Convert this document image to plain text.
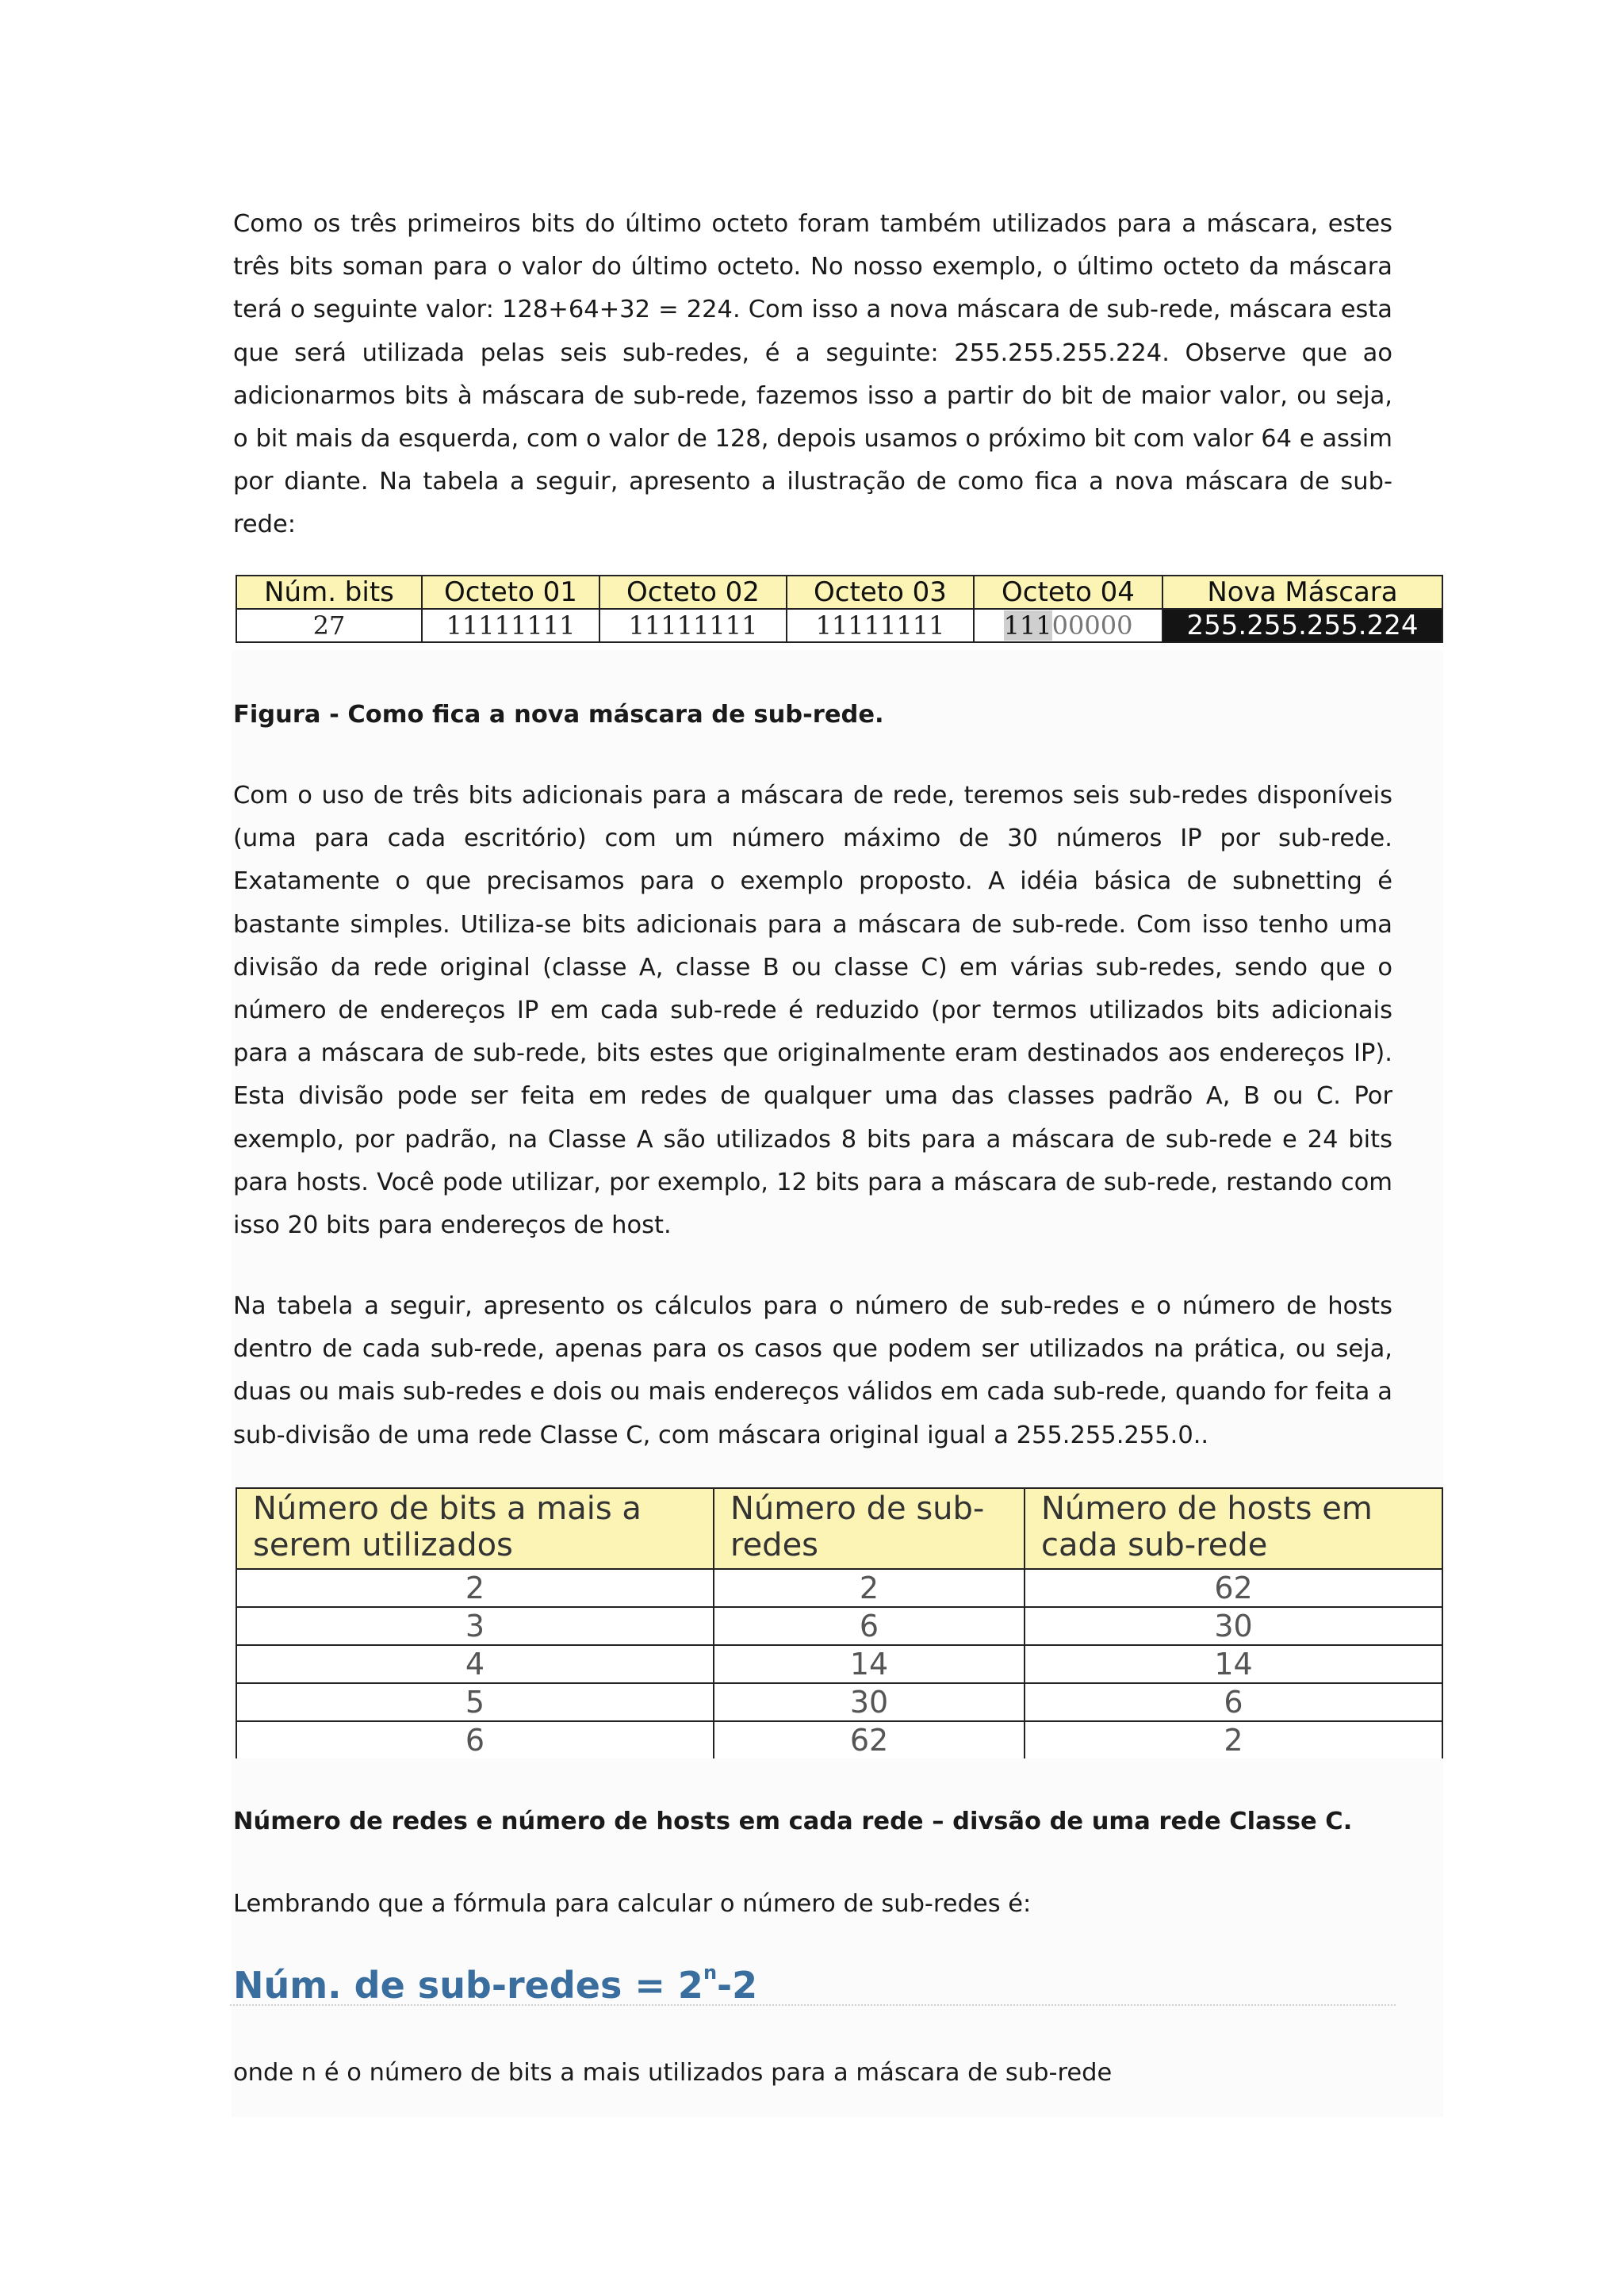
Como os três primeiros bits do último octeto foram também utilizados para a máscara, estes três bits soman para o valor do último octeto. No nosso exemplo, o último octeto da máscara terá o seguinte valor: 128+64+32 = 224. Com isso a nova máscara de sub-rede, máscara esta que será utilizada pelas seis sub-redes, é a seguinte: 255.255.255.224. Observe que ao adicionarmos bits à máscara de sub-rede, fazemos isso a partir do bit de maior valor, ou seja, o bit mais da esquerda, com o valor de 128, depois usamos o próximo bit com valor 64 e assim por diante. Na tabela a seguir, apresento a ilustração de como fica a nova máscara de sub-rede:

Núm. bits	Octeto 01	Octeto 02	Octeto 03	Octeto 04	Nova Máscara
27	11111111	11111111	11111111	11100000	255.255.255.224

Figura - Como fica a nova máscara de sub-rede.

Com o uso de três bits adicionais para a máscara de rede, teremos seis sub-redes disponíveis (uma para cada escritório) com um número máximo de 30 números IP por sub-rede. Exatamente o que precisamos para o exemplo proposto. A idéia básica de subnetting é bastante simples. Utiliza-se bits adicionais para a máscara de sub-rede. Com isso tenho uma divisão da rede original (classe A, classe B ou classe C) em várias sub-redes, sendo que o número de endereços IP em cada sub-rede é reduzido (por termos utilizados bits adicionais para a máscara de sub-rede, bits estes que originalmente eram destinados aos endereços IP). Esta divisão pode ser feita em redes de qualquer uma das classes padrão A, B ou C. Por exemplo, por padrão, na Classe A são utilizados 8 bits para a máscara de sub-rede e 24 bits para hosts. Você pode utilizar, por exemplo, 12 bits para a máscara de sub-rede, restando com isso 20 bits para endereços de host.

Na tabela a seguir, apresento os cálculos para o número de sub-redes e o número de hosts dentro de cada sub-rede, apenas para os casos que podem ser utilizados na prática, ou seja, duas ou mais sub-redes e dois ou mais endereços válidos em cada sub-rede, quando for feita a sub-divisão de uma rede Classe C, com máscara original igual a 255.255.255.0..

Número de bits a mais a serem utilizados	Número de sub-redes	Número de hosts em cada sub-rede
2	2	62
3	6	30
4	14	14
5	30	6
6	62	2

Número de redes e número de hosts em cada rede – divsão de uma rede Classe C.

Lembrando que a fórmula para calcular o número de sub-redes é:

Núm. de sub-redes = $2^n-2$

onde n é o número de bits a mais utilizados para a máscara de sub-rede
